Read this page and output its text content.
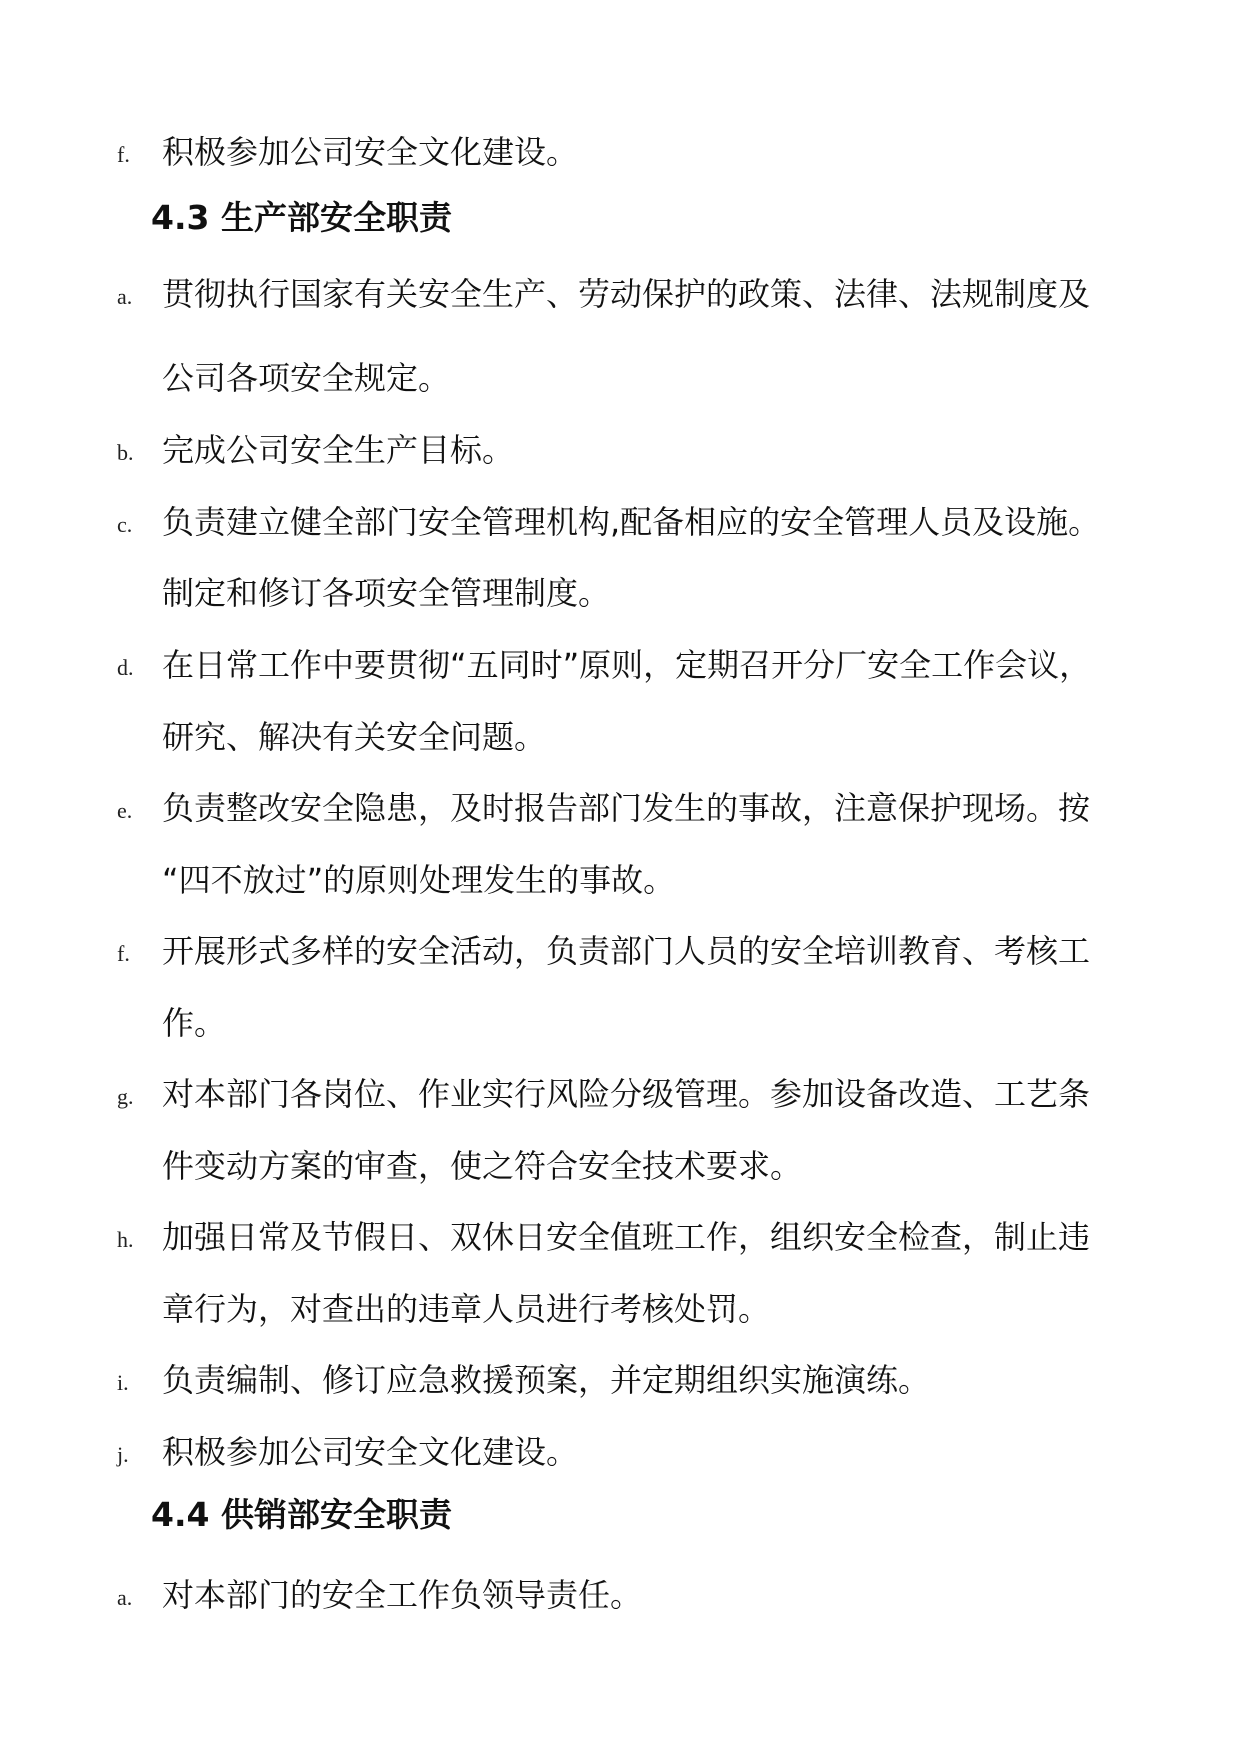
f.	积极参加公司安全文化建设。
4.3 生产部安全职责
a. 贯彻执行国家有关安全生产、劳动保护的政策、法律、法规制度及
公司各项安全规定。
b. 完成公司安全生产目标。
c. 负责建立健全部门安全管理机构,配备相应的安全管理人员及设施。
制定和修订各项安全管理制度。
d. 在日常工作中要贯彻“五同时”原则，定期召开分厂安全工作会议，
研究、解决有关安全问题。
e. 负责整改安全隐患，及时报告部门发生的事故，注意保护现场。按
“四不放过”的原则处理发生的事故。
f.	开展形式多样的安全活动，负责部门人员的安全培训教育、考核工
作。
g. 对本部门各岗位、作业实行风险分级管理。参加设备改造、工艺条
件变动方案的审查，使之符合安全技术要求。
h. 加强日常及节假日、双休日安全值班工作，组织安全检查，制止违
章行为，对查出的违章人员进行考核处罚。
i.	负责编制、修订应急救援预案，并定期组织实施演练。
j.	积极参加公司安全文化建设。
4.4 供销部安全职责
a. 对本部门的安全工作负领导责任。
